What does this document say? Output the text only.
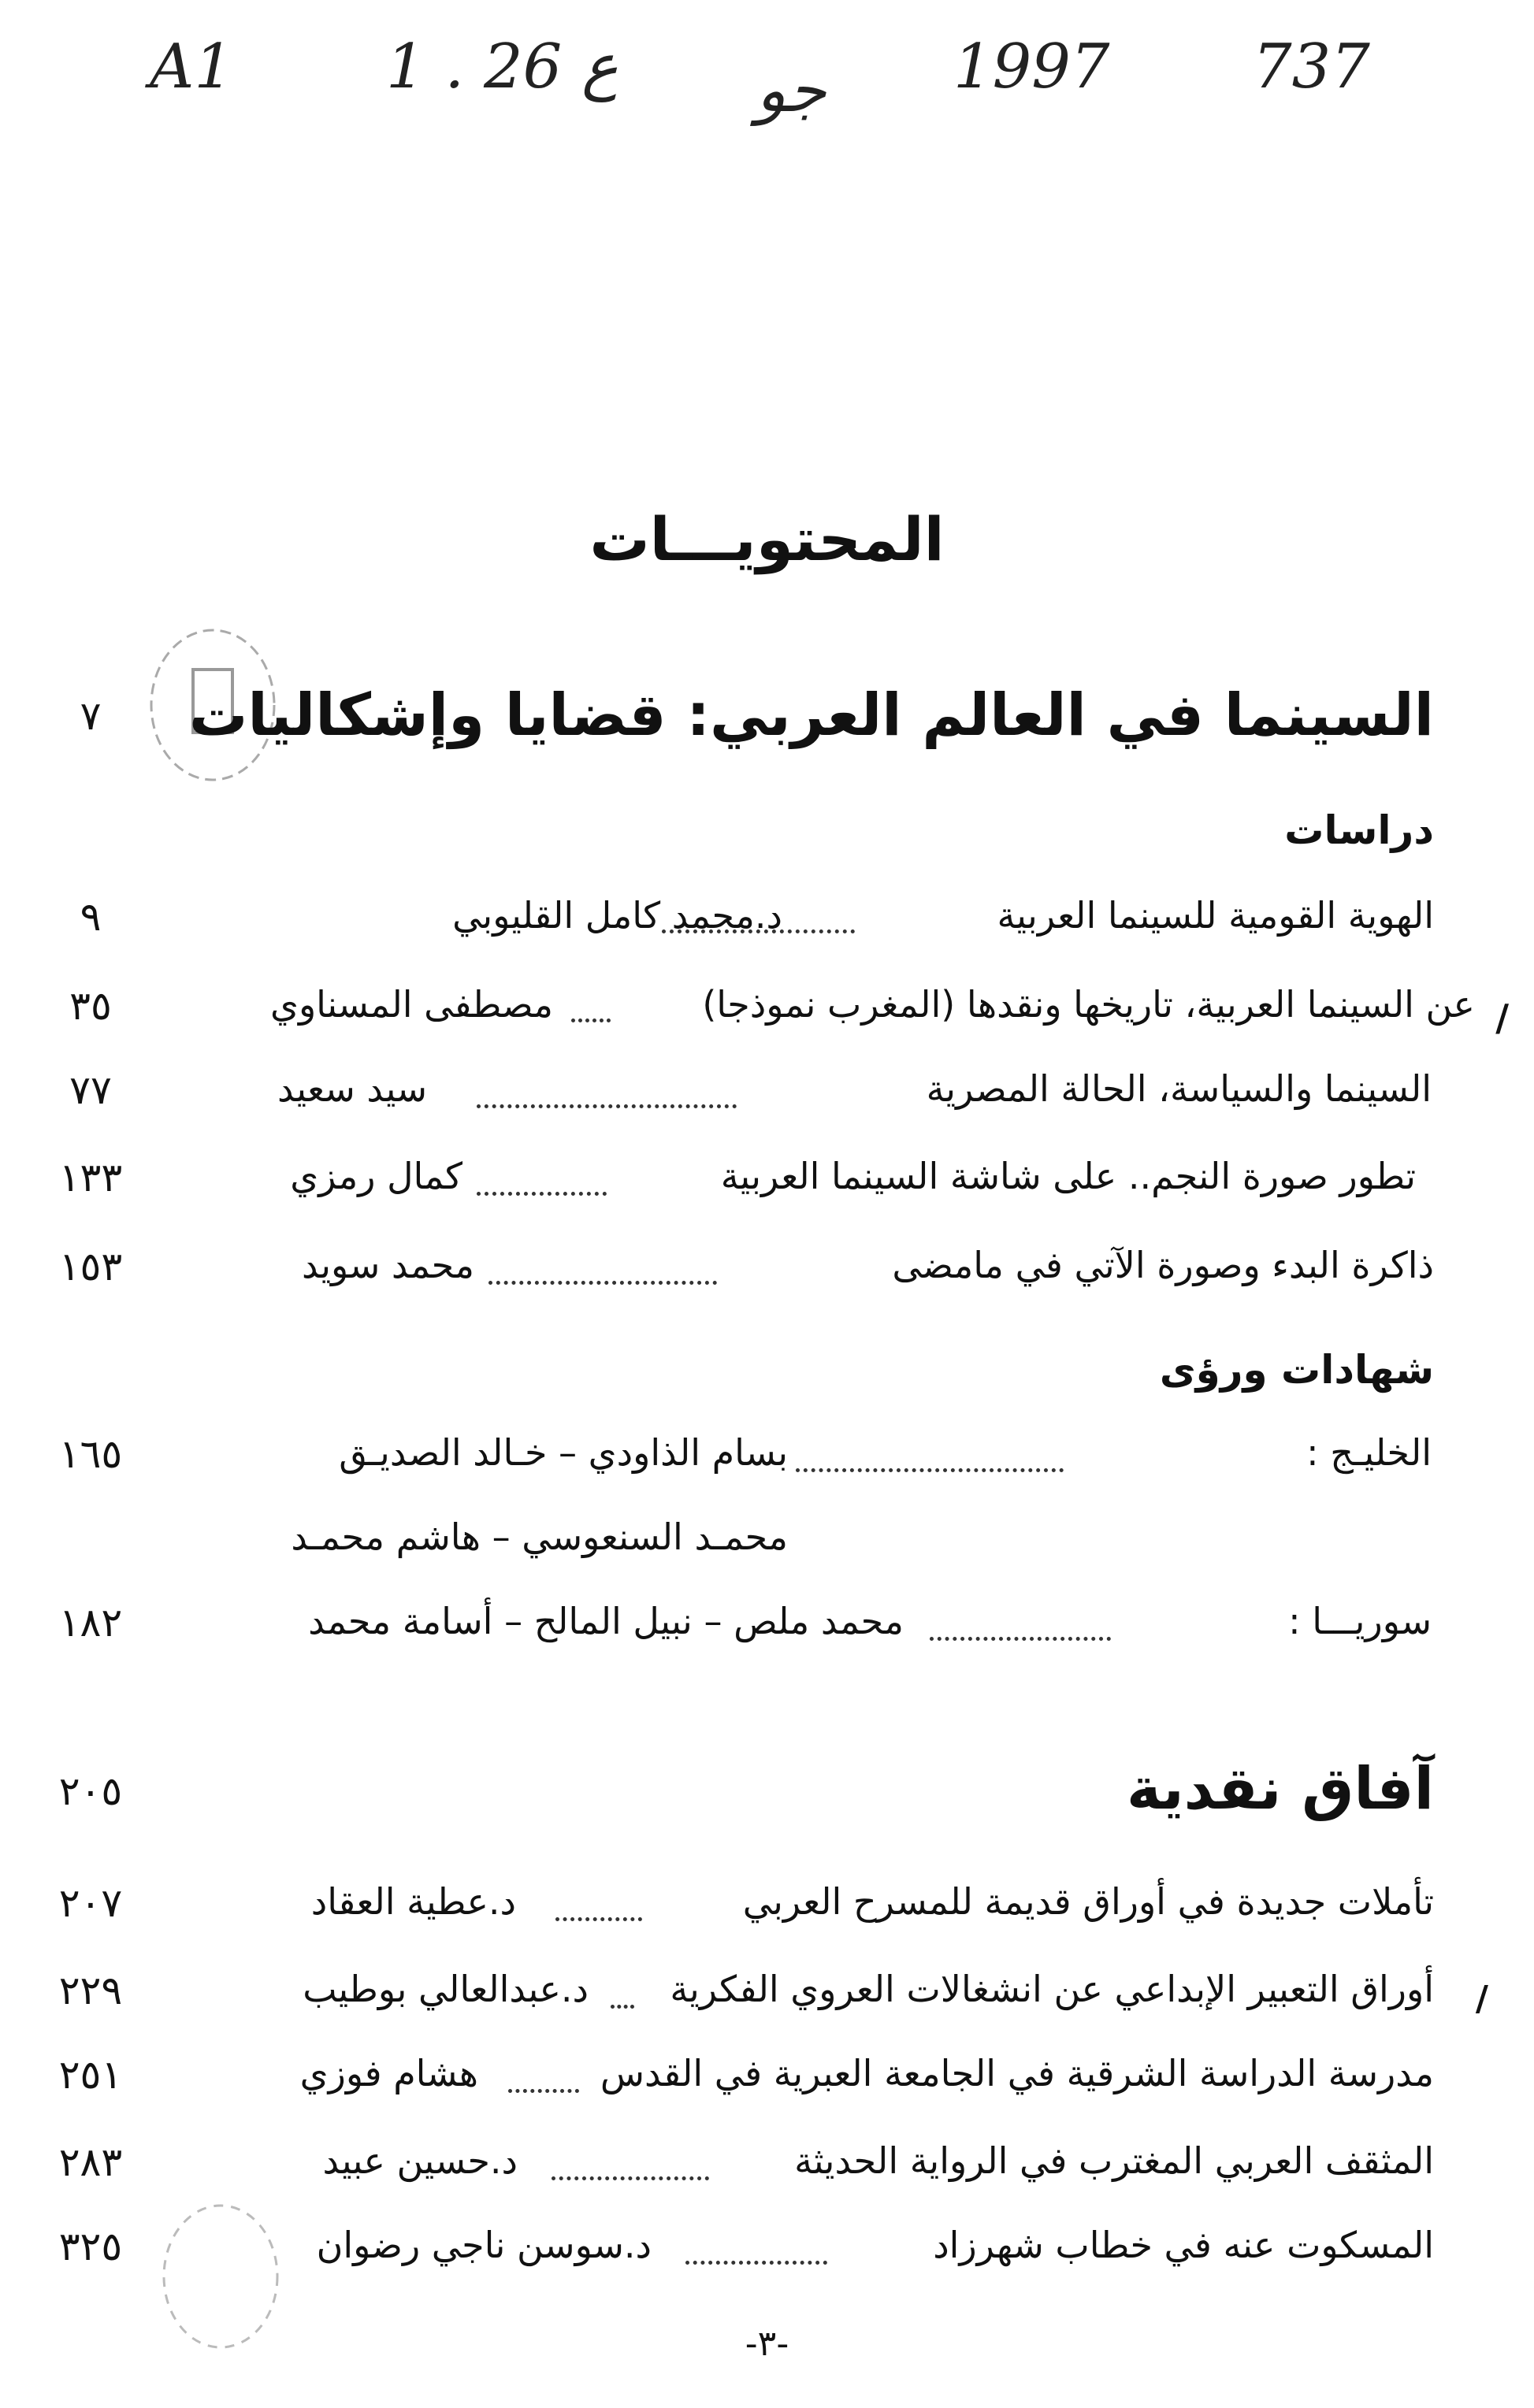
A1 1 . ع 26 جو 1997 737
المحتويـــات
السينما في العالم العربي: قضايا وإشكاليات
٧
دراسات
الهوية القومية للسينما العربية
د.محمد كامل القليوبي
٩
/
عن السينما العربية، تاريخها ونقدها (المغرب نموذجا)
مصطفى المسناوي
٣٥
السينما والسياسة، الحالة المصرية
سيد سعيد
٧٧
تطور صورة النجم.. على شاشة السينما العربية
كمال رمزي
١٣٣
ذاكرة البدء وصورة الآتي في مامضى
محمد سويد
١٥٣
شهادات ورؤى
الخليـج :
بسام الذاودي – خـالد الصديـق
محمـد السنعوسي – هاشم محمـد
١٦٥
سوريـــا :
محمد ملص – نبيل المالح – أسامة محمد
١٨٢
آفاق نقدية
٢٠٥
تأملات جديدة في أوراق قديمة للمسرح العربي
د.عطية العقاد
٢٠٧
/
أوراق التعبير الإبداعي عن انشغالات العروي الفكرية
د.عبدالعالي بوطيب
٢٢٩
مدرسة الدراسة الشرقية في الجامعة العبرية في القدس
هشام فوزي
٢٥١
المثقف العربي المغترب في الرواية الحديثة
د.حسين عبيد
٢٨٣
المسكوت عنه في خطاب شهرزاد
د.سوسن ناجي رضوان
٣٢٥
-٣-
